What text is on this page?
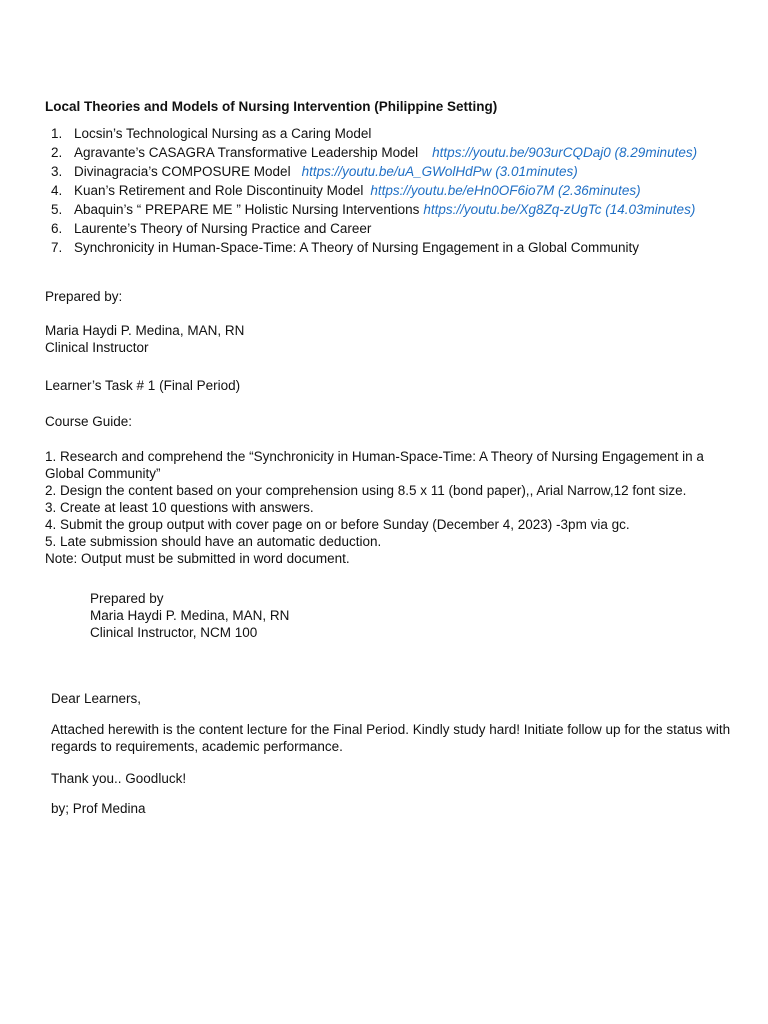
Local Theories and Models of Nursing Intervention (Philippine Setting)
1. Locsin’s Technological Nursing as a Caring Model
2. Agravante’s CASAGRA Transformative Leadership Model https://youtu.be/903urCQDaj0 (8.29minutes)
3. Divinagracia’s COMPOSURE Model https://youtu.be/uA_GWolHdPw (3.01minutes)
4. Kuan’s Retirement and Role Discontinuity Model https://youtu.be/eHn0OF6io7M (2.36minutes)
5. Abaquin’s “ PREPARE ME ” Holistic Nursing Interventions https://youtu.be/Xg8Zq-zUgTc (14.03minutes)
6. Laurente’s Theory of Nursing Practice and Career
7. Synchronicity in Human-Space-Time: A Theory of Nursing Engagement in a Global Community
Prepared by:
Maria Haydi P. Medina, MAN, RN
Clinical Instructor
Learner’s Task # 1 (Final Period)
Course Guide:
1. Research and comprehend the “Synchronicity in Human-Space-Time: A Theory of Nursing Engagement in a Global Community”
2. Design the content based on your comprehension using 8.5 x 11 (bond paper),, Arial Narrow,12 font size.
3. Create at least 10 questions with answers.
4. Submit the group output with cover page on or before Sunday (December 4, 2023) -3pm via gc.
5. Late submission should have an automatic deduction.
Note: Output must be submitted in word document.
Prepared by
Maria Haydi P. Medina, MAN, RN
Clinical Instructor, NCM 100
Dear Learners,
Attached herewith is the content lecture for the Final Period. Kindly study hard! Initiate follow up for the status with regards to requirements, academic performance.
Thank you.. Goodluck!
by; Prof Medina
